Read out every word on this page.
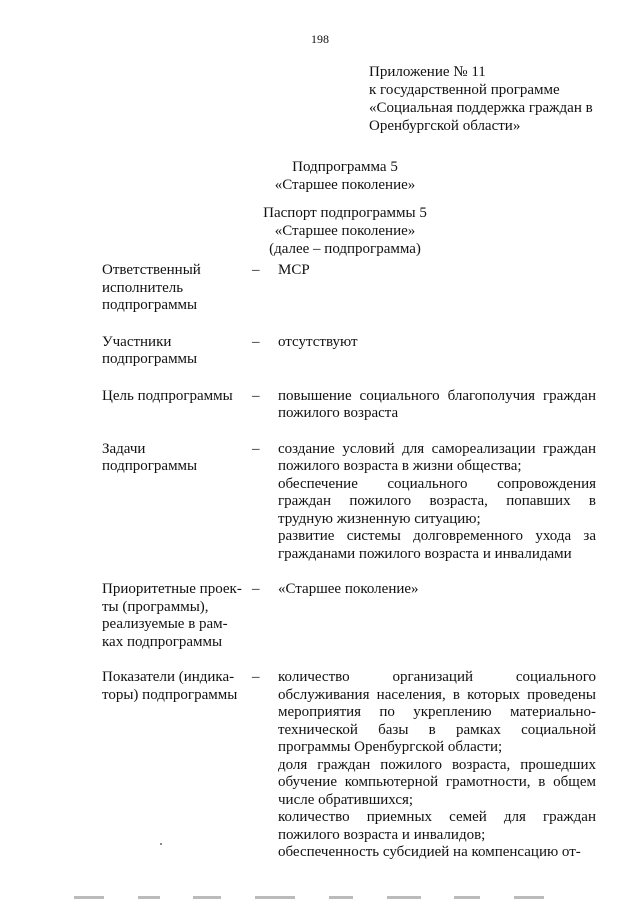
198
Приложение № 11
к государственной программе
«Социальная поддержка граждан в
Оренбургской области»
Подпрограмма 5
«Старшее поколение»
Паспорт подпрограммы 5
«Старшее поколение»
(далее – подпрограмма)
Ответственный
исполнитель
подпрограммы
–	МСР
Участники
подпрограммы
–	отсутствуют
Цель подпрограммы	–	повышение социального благополучия граждан пожилого возраста
Задачи
подпрограммы
–	создание условий для самореализации граждан пожилого возраста в жизни общества;
обеспечение социального сопровождения граждан пожилого возраста, попавших в трудную жизненную ситуацию;
развитие системы долговременного ухода за гражданами пожилого возраста и инвалидами
Приоритетные проек-
ты (программы),
реализуемые в рам-
ках подпрограммы
–	«Старшее поколение»
Показатели (индика-
торы) подпрограммы
–	количество организаций социального обслуживания населения, в которых проведены мероприятия по укреплению материально-технической базы в рамках социальной программы Оренбургской области;
доля граждан пожилого возраста, прошедших обучение компьютерной грамотности, в общем числе обратившихся;
количество приемных семей для граждан пожилого возраста и инвалидов;
обеспеченность субсидией на компенсацию от-
